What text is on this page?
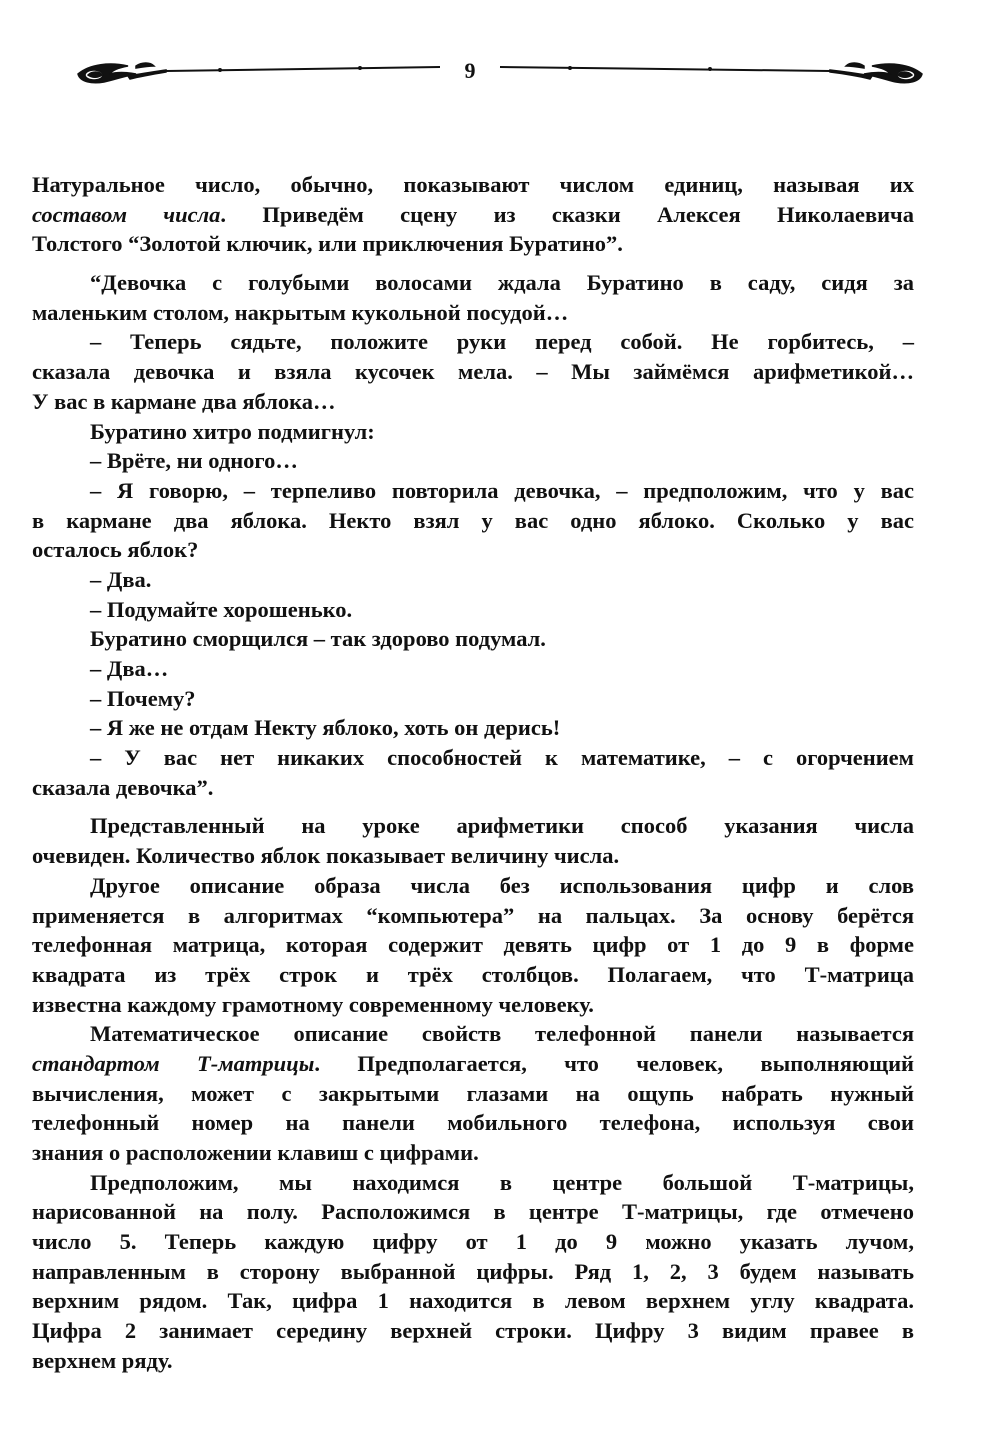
9
Натуральное число, обычно, показывают числом единиц, называя их
составом числа. Приведём сцену из сказки Алексея Николаевича
Толстого “Золотой ключик, или приключения Буратино”.
“Девочка с голубыми волосами ждала Буратино в саду, сидя за
маленьким столом, накрытым кукольной посудой…
– Теперь сядьте, положите руки перед собой. Не горбитесь, –
сказала девочка и взяла кусочек мела. – Мы займёмся арифметикой…
У вас в кармане два яблока…
Буратино хитро подмигнул:
– Врёте, ни одного…
– Я говорю, – терпеливо повторила девочка, – предположим, что у вас
в кармане два яблока. Некто взял у вас одно яблоко. Сколько у вас
осталось яблок?
– Два.
– Подумайте хорошенько.
Буратино сморщился – так здорово подумал.
– Два…
– Почему?
– Я же не отдам Некту яблоко, хоть он дерись!
– У вас нет никаких способностей к математике, – с огорчением
сказала девочка”.
Представленный на уроке арифметики способ указания числа
очевиден. Количество яблок показывает величину числа.
Другое описание образа числа без использования цифр и слов
применяется в алгоритмах “компьютера” на пальцах. За основу берётся
телефонная матрица, которая содержит девять цифр от 1 до 9 в форме
квадрата из трёх строк и трёх столбцов. Полагаем, что Т-матрица
известна каждому грамотному современному человеку.
Математическое описание свойств телефонной панели называется
стандартом Т-матрицы. Предполагается, что человек, выполняющий
вычисления, может с закрытыми глазами на ощупь набрать нужный
телефонный номер на панели мобильного телефона, используя свои
знания о расположении клавиш с цифрами.
Предположим, мы находимся в центре большой Т-матрицы,
нарисованной на полу. Расположимся в центре Т-матрицы, где отмечено
число 5. Теперь каждую цифру от 1 до 9 можно указать лучом,
направленным в сторону выбранной цифры. Ряд 1, 2, 3 будем называть
верхним рядом. Так, цифра 1 находится в левом верхнем углу квадрата.
Цифра 2 занимает середину верхней строки. Цифру 3 видим правее в
верхнем ряду.
